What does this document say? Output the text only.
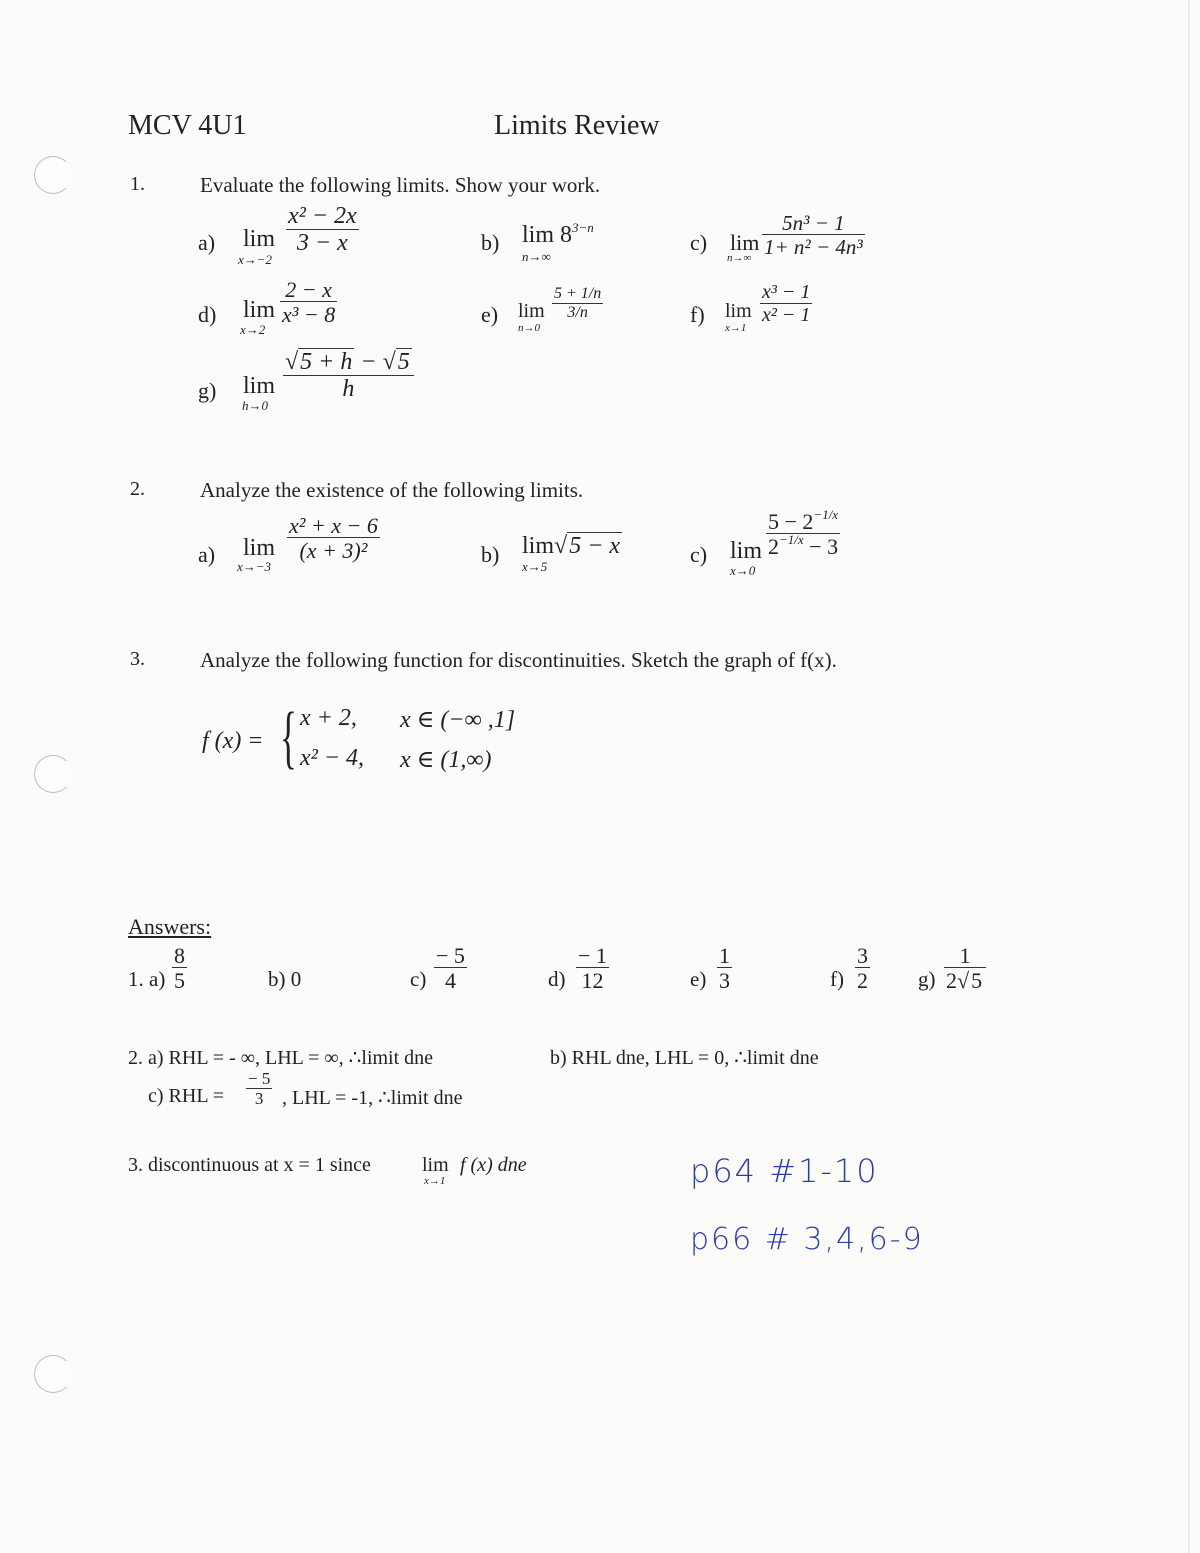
MCV 4U1	Limits Review
1.	Evaluate the following limits. Show your work.
a) lim
x→−2
x² − 2x
3 − x	b) $\lim 8^{3-n}$
n→∞
c) lim
n→∞
5n³ − 1
1+ n² − 4n³
d) lim
x→2
2 − x
x³ − 8	e) lim
n→0
5 + 1/n
3/n	f) lim
x→1
x³ − 1
x² − 1
g) lim
h→0
√5 + h − √5
h
2.	Analyze the existence of the following limits.
a) lim
x→−3
x² + x − 6
(x + 3)²	b) lim√5 − x
x→5	c) lim
x→0
$5 - 2^{-1/x}$
$2^{-1/x} - 3$
3.	Analyze the following function for discontinuities. Sketch the graph of f(x).
f (x) = { x + 2, x ∈ (−∞ ,1]
x² − 4, x ∈ (1,∞)
Answers:
1. a)
8
5	b) 0	c)
− 5
4	d)
− 1
12	e)
1
3	f)
3
2 g)
1
2√5
2. a) RHL = - ∞, LHL = ∞, ∴limit dne	b) RHL dne, LHL = 0, ∴limit dne
c) RHL =
− 5
3 , LHL = -1, ∴limit dne
3. discontinuous at x = 1 since	lim
x→1
f (x) dne	p64 #1-10
p66 # 3,4,6-9
